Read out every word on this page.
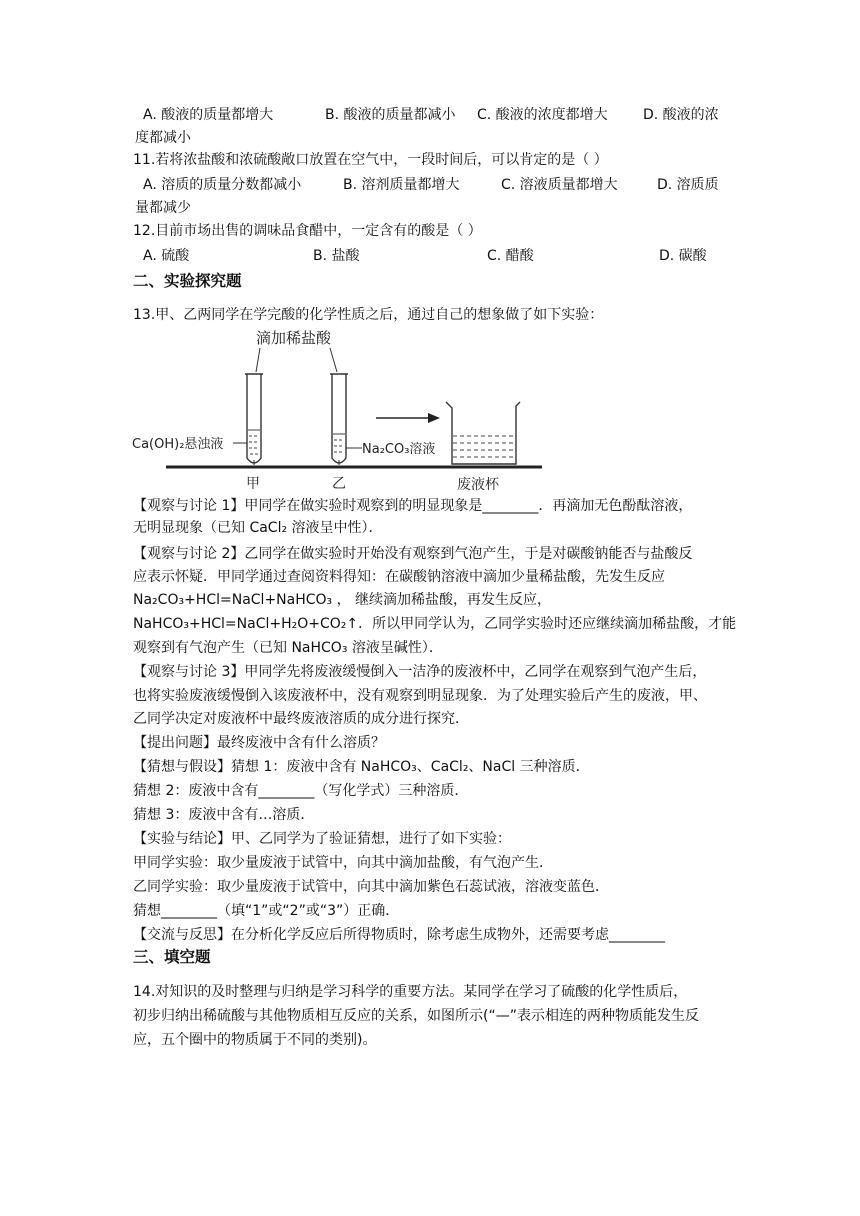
A. 酸液的质量都增大	B. 酸液的质量都减小 C. 酸液的浓度都增大	D. 酸液的浓
度都减小
11.若将浓盐酸和浓硫酸敞口放置在空气中，一段时间后，可以肯定的是（ ）
A. 溶质的质量分数都减小	B. 溶剂质量都增大	C. 溶液质量都增大	D. 溶质质
量都减少
12.目前市场出售的调味品食醋中，一定含有的酸是（ ）
A. 硫酸	B. 盐酸	C. 醋酸	D. 碳酸
二、实验探究题
13.甲、乙两同学在学完酸的化学性质之后，通过自己的想象做了如下实验：
滴加稀盐酸
Ca(OH)₂悬浊液	Na₂CO₃溶液
甲	乙	废液杯
【观察与讨论 1】甲同学在做实验时观察到的明显现象是________．再滴加无色酚酞溶液，
无明显现象（已知 CaCl₂ 溶液呈中性）．
【观察与讨论 2】乙同学在做实验时开始没有观察到气泡产生，于是对碳酸钠能否与盐酸反
应表示怀疑．甲同学通过查阅资料得知：在碳酸钠溶液中滴加少量稀盐酸，先发生反应
Na₂CO₃+HCl=NaCl+NaHCO₃ ， 继续滴加稀盐酸，再发生反应，
NaHCO₃+HCl=NaCl+H₂O+CO₂↑．所以甲同学认为，乙同学实验时还应继续滴加稀盐酸，才能
观察到有气泡产生（已知 NaHCO₃ 溶液呈碱性）．
【观察与讨论 3】甲同学先将废液缓慢倒入一洁净的废液杯中，乙同学在观察到气泡产生后，
也将实验废液缓慢倒入该废液杯中，没有观察到明显现象．为了处理实验后产生的废液，甲、
乙同学决定对废液杯中最终废液溶质的成分进行探究．
【提出问题】最终废液中含有什么溶质？
【猜想与假设】猜想 1：废液中含有 NaHCO₃、CaCl₂、NaCl 三种溶质．
猜想 2：废液中含有________（写化学式）三种溶质．
猜想 3：废液中含有…溶质．
【实验与结论】甲、乙同学为了验证猜想，进行了如下实验：
甲同学实验：取少量废液于试管中，向其中滴加盐酸，有气泡产生．
乙同学实验：取少量废液于试管中，向其中滴加紫色石蕊试液，溶液变蓝色．
猜想________（填“1”或“2”或“3”）正确．
【交流与反思】在分析化学反应后所得物质时，除考虑生成物外，还需要考虑________
三、填空题
14.对知识的及时整理与归纳是学习科学的重要方法。某同学在学习了硫酸的化学性质后，
初步归纳出稀硫酸与其他物质相互反应的关系，如图所示(“—”表示相连的两种物质能发生反
应，五个圈中的物质属于不同的类别)。
